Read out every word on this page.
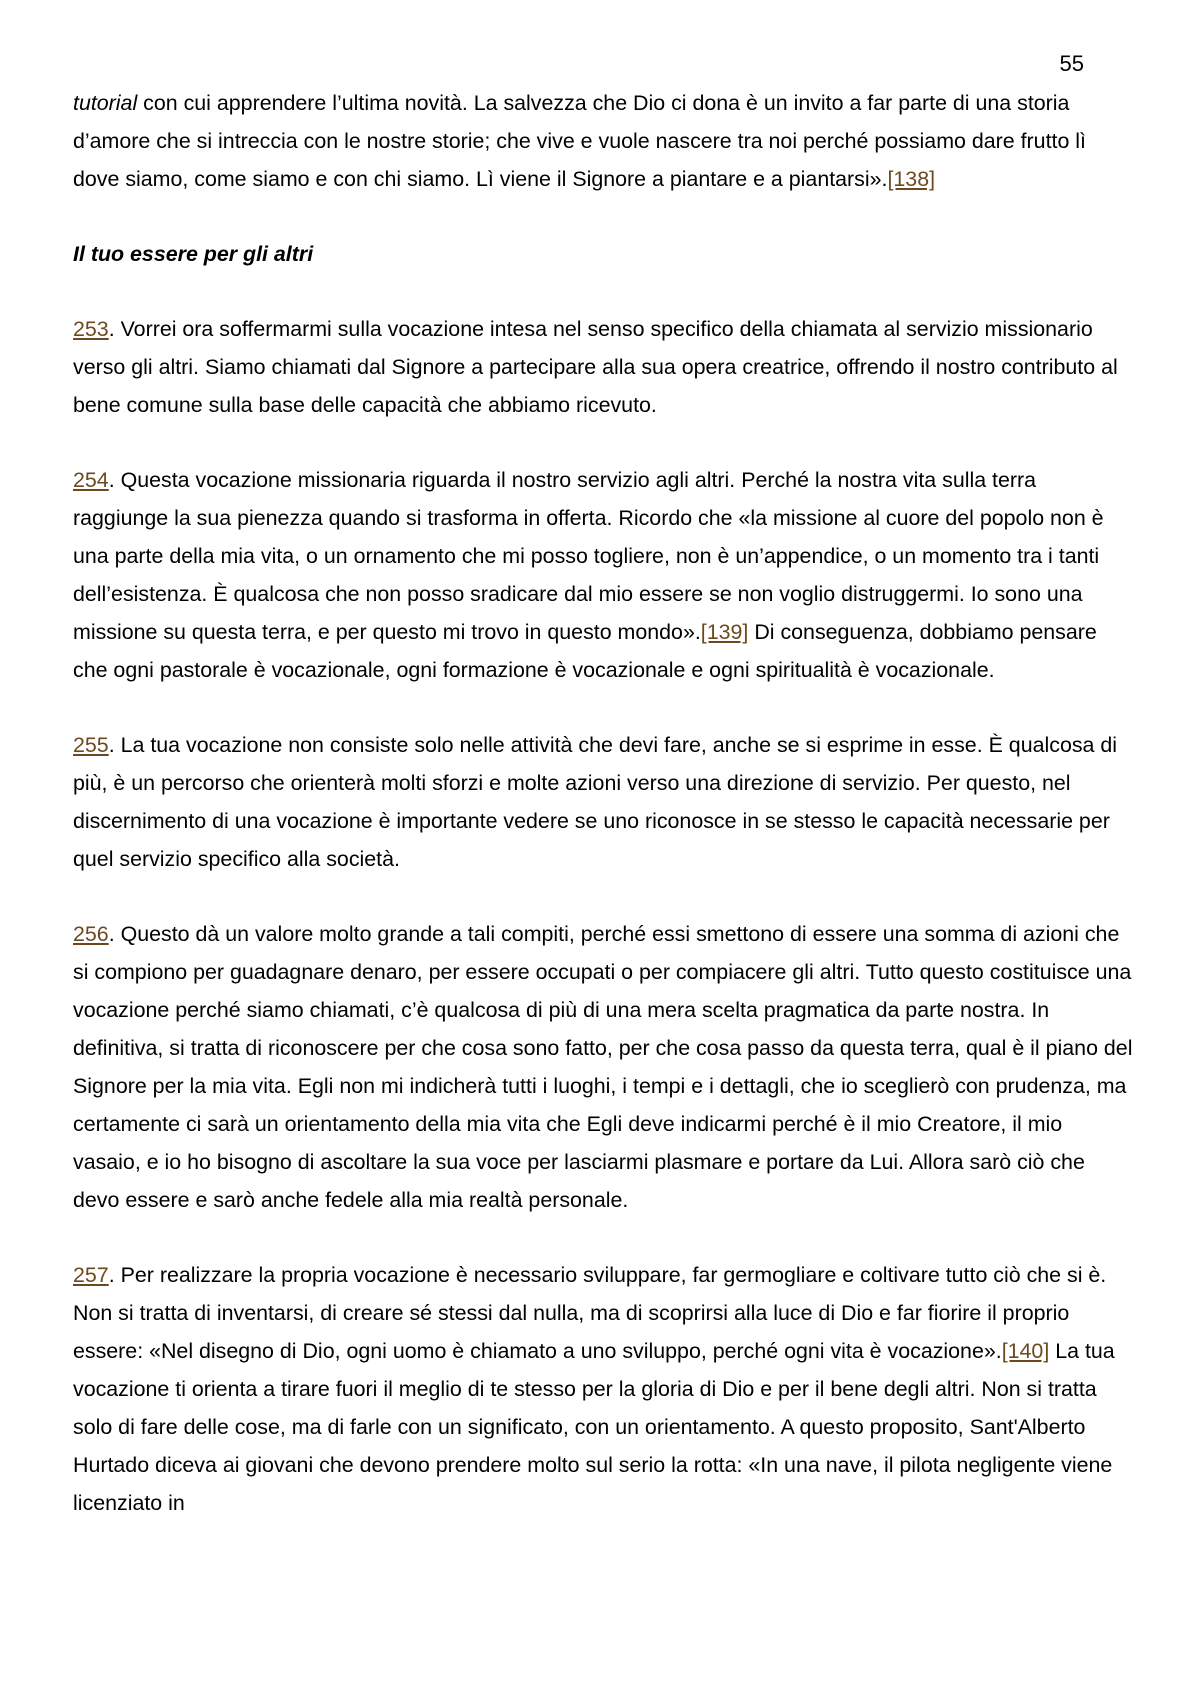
55

tutorial con cui apprendere l’ultima novità. La salvezza che Dio ci dona è un invito a far parte di una storia d’amore che si intreccia con le nostre storie; che vive e vuole nascere tra noi perché possiamo dare frutto lì dove siamo, come siamo e con chi siamo. Lì viene il Signore a piantare e a piantarsi».[138]

Il tuo essere per gli altri

253. Vorrei ora soffermarmi sulla vocazione intesa nel senso specifico della chiamata al servizio missionario verso gli altri. Siamo chiamati dal Signore a partecipare alla sua opera creatrice, offrendo il nostro contributo al bene comune sulla base delle capacità che abbiamo ricevuto.

254. Questa vocazione missionaria riguarda il nostro servizio agli altri. Perché la nostra vita sulla terra raggiunge la sua pienezza quando si trasforma in offerta. Ricordo che «la missione al cuore del popolo non è una parte della mia vita, o un ornamento che mi posso togliere, non è un’appendice, o un momento tra i tanti dell’esistenza. È qualcosa che non posso sradicare dal mio essere se non voglio distruggermi. Io sono una missione su questa terra, e per questo mi trovo in questo mondo».[139] Di conseguenza, dobbiamo pensare che ogni pastorale è vocazionale, ogni formazione è vocazionale e ogni spiritualità è vocazionale.

255. La tua vocazione non consiste solo nelle attività che devi fare, anche se si esprime in esse. È qualcosa di più, è un percorso che orienterà molti sforzi e molte azioni verso una direzione di servizio. Per questo, nel discernimento di una vocazione è importante vedere se uno riconosce in se stesso le capacità necessarie per quel servizio specifico alla società.

256. Questo dà un valore molto grande a tali compiti, perché essi smettono di essere una somma di azioni che si compiono per guadagnare denaro, per essere occupati o per compiacere gli altri. Tutto questo costituisce una vocazione perché siamo chiamati, c’è qualcosa di più di una mera scelta pragmatica da parte nostra. In definitiva, si tratta di riconoscere per che cosa sono fatto, per che cosa passo da questa terra, qual è il piano del Signore per la mia vita. Egli non mi indicherà tutti i luoghi, i tempi e i dettagli, che io sceglierò con prudenza, ma certamente ci sarà un orientamento della mia vita che Egli deve indicarmi perché è il mio Creatore, il mio vasaio, e io ho bisogno di ascoltare la sua voce per lasciarmi plasmare e portare da Lui. Allora sarò ciò che devo essere e sarò anche fedele alla mia realtà personale.

257. Per realizzare la propria vocazione è necessario sviluppare, far germogliare e coltivare tutto ciò che si è. Non si tratta di inventarsi, di creare sé stessi dal nulla, ma di scoprirsi alla luce di Dio e far fiorire il proprio essere: «Nel disegno di Dio, ogni uomo è chiamato a uno sviluppo, perché ogni vita è vocazione».[140] La tua vocazione ti orienta a tirare fuori il meglio di te stesso per la gloria di Dio e per il bene degli altri. Non si tratta solo di fare delle cose, ma di farle con un significato, con un orientamento. A questo proposito, Sant'Alberto Hurtado diceva ai giovani che devono prendere molto sul serio la rotta: «In una nave, il pilota negligente viene licenziato in
